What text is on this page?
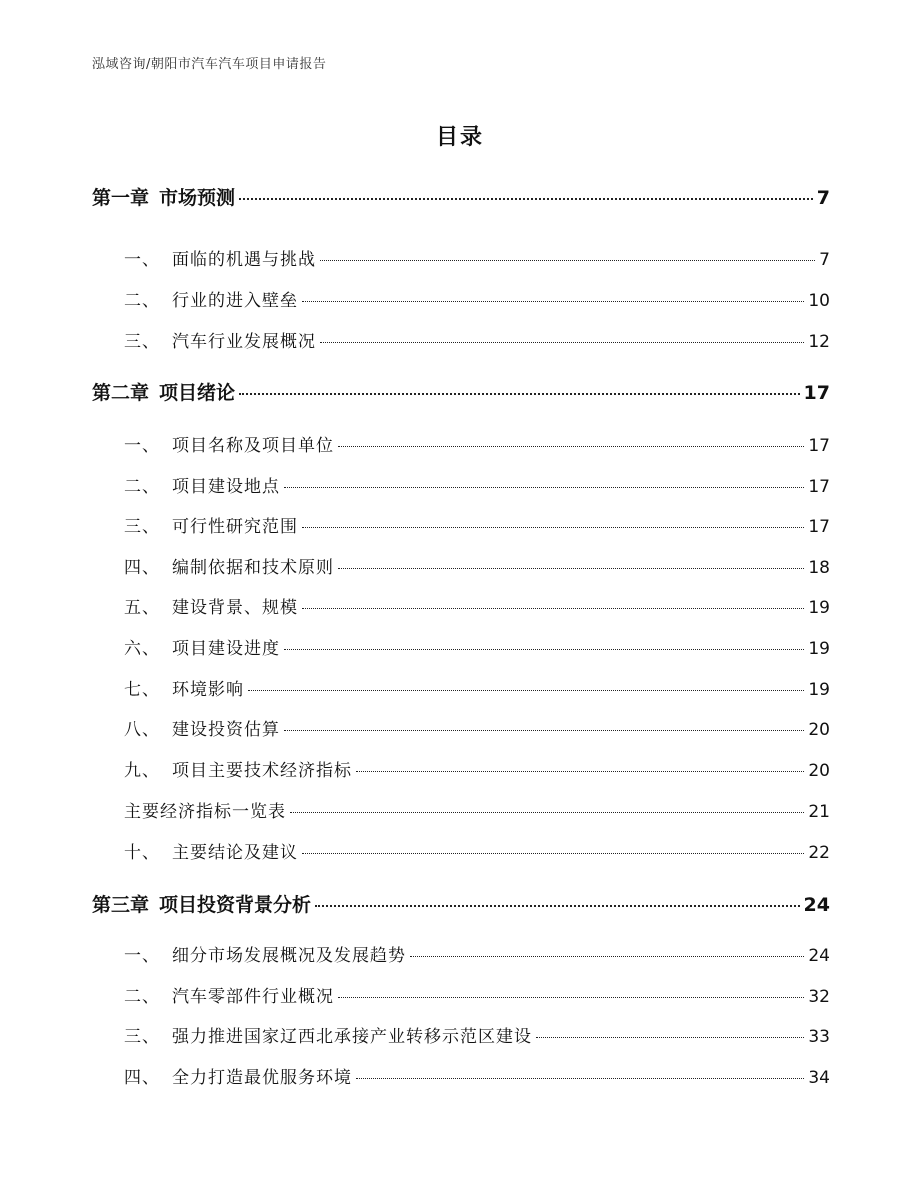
泓域咨询/朝阳市汽车汽车项目申请报告
目录
第一章 市场预测	7
一、 面临的机遇与挑战	7
二、 行业的进入壁垒	10
三、 汽车行业发展概况	12
第二章 项目绪论	17
一、 项目名称及项目单位	17
二、 项目建设地点	17
三、 可行性研究范围	17
四、 编制依据和技术原则	18
五、 建设背景、规模	19
六、 项目建设进度	19
七、 环境影响	19
八、 建设投资估算	20
九、 项目主要技术经济指标	20
主要经济指标一览表	21
十、 主要结论及建议	22
第三章 项目投资背景分析	24
一、 细分市场发展概况及发展趋势	24
二、 汽车零部件行业概况	32
三、 强力推进国家辽西北承接产业转移示范区建设	33
四、 全力打造最优服务环境	34
